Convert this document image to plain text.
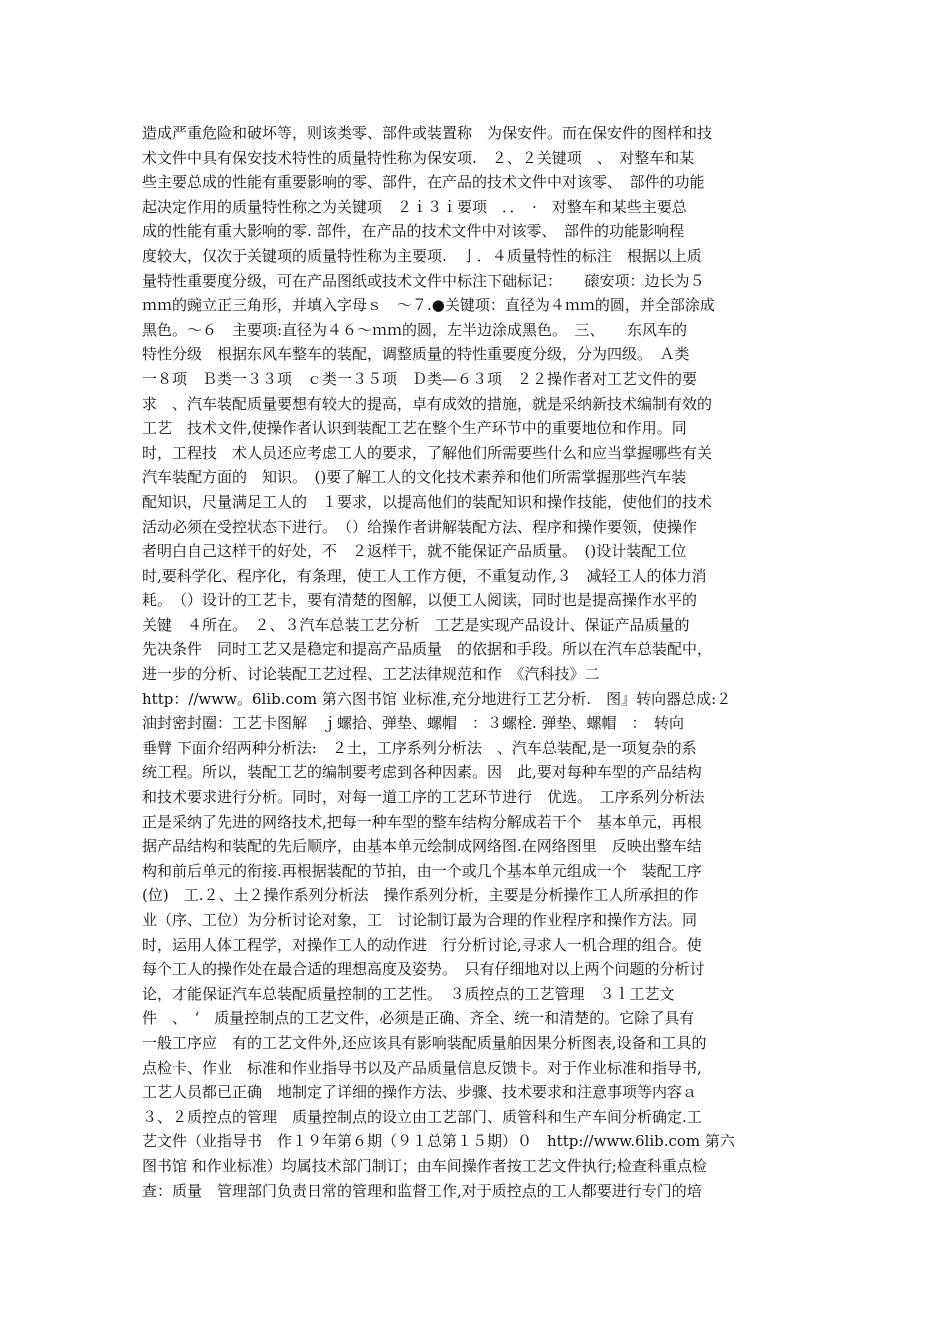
造成严重危险和破坏等，则该类零、部件或装置称　为保安件。而在保安件的图样和技
术文件中具有保安技术特性的质量特性称为保安项.　２、２关键项　、　对整车和某
些主要总成的性能有重要影响的零、部件，在产品的技术文件中对该零、　部件的功能
起决定作用的质量特性称之为关键项　２ｉ３ｉ要项　．．　·　对整车和某些主要总
成的性能有重大影响的零. 部件，在产品的技术文件中对该零、　部件的功能影响程
度较大，仅次于关键项的质量特性称为主要项.　亅．４质量特性的标注　根据以上质
量特性重要度分级，可在产品图纸或技术文件中标注下础标记：　　磙安项：边长为５
ｍｍ的豌立正三角形，并填入字母ｓ　～７.●关键项：直径为４ｍｍ的圆，并全部涂成
黑色。～６　主要项:直径为４６～ｍｍ的圆，左半边涂成黑色。　三、　　东风车的
特性分级　根据东风车整车的装配，调整质量的特性重要度分级，分为四级。　Ａ类
一８项　Ｂ类一３３项　ｃ类一３５项　Ｄ类—６３项　２２操作者对工艺文件的要
求　、汽车装配质量要想有较大的提高，卓有成效的措施，就是采纳新技术编制有效的
工艺　技术文件,使操作者认识到装配工艺在整个生产环节中的重要地位和作用。同
时，工程技　术人员还应考虑工人的要求，了解他们所需要些什么和应当掌握哪些有关
汽车装配方面的　知识。　()要了解工人的文化技术素养和他们所需掌握那些汽车装
配知识，尺量满足工人的　１要求，以提高他们的装配知识和操作技能，使他们的技术
活动必须在受控状态下进行。　（）给操作者讲解装配方法、程序和操作要领，使操作
者明白自己这样干的好处，不　２返样干，就不能保证产品质量。　()设计装配工位
时,要科学化、程序化，有条理，使工人工作方便，不重复动作,３　减轻工人的体力消
耗。　（）设计的工艺卡，要有清楚的图解，以便工人阅读，同时也是提高操作水平的
关键　４所在。　２、３汽车总装工艺分析　工艺是实现产品设计、保证产品质量的
先决条件　同时工艺又是稳定和提高产品质量　的依据和手段。所以在汽车总装配中，
进一步的分析、讨论装配工艺过程、工艺法律规范和作　《汽科技》二
http：//www。6lib.com 第六图书馆 业标准,充分地进行工艺分析.　图』转向器总成:２
油封密封圈：工艺卡图解　ｊ螺拾、弹垫、螺帽　：３螺栓. 弹垫、螺帽　：　转向
垂臂 下面介绍两种分析法:　２土，工序系列分析法　、汽车总装配,是一项复杂的系
统工程。所以，装配工艺的编制要考虑到各种因素。因　此,要对每种车型的产品结构
和技术要求进行分析。同时，对每一道工序的工艺环节进行　优选。　工序系列分析法
正是采纳了先进的网络技术,把每一种车型的整车结构分解成若干个　基本单元，再根
据产品结构和装配的先后顺序，由基本单元绘制成网络图.在网络图里　反映出整车结
构和前后单元的衔接.再根据装配的节拍，由一个或几个基本单元组成一个　装配工序
(位)　工.２、土２操作系列分析法　操作系列分析，主要是分析操作工人所承担的作
业（序、工位）为分析讨论对象，工　讨论制订最为合理的作业程序和操作方法。同
时，运用人体工程学，对操作工人的动作进　行分析讨论,寻求人一机合理的组合。使
每个工人的操作处在最合适的理想高度及姿势。　只有仔细地对以上两个问题的分析讨
论，才能保证汽车总装配质量控制的工艺性。　３质控点的工艺管理　３ｌ工艺文
件　、　‘　质量控制点的工艺文件，必须是正确、齐全、统一和清楚的。它除了具有
一般工序应　有的工艺文件外,还应该具有影响装配质量舶因果分析图表,设备和工具的
点检卡、作业　标准和作业指导书以及产品质量信息反馈卡。对于作业标准和指导书,
工艺人员都已正确　地制定了详细的操作方法、步骤、技术要求和注意事项等内容ａ
３、２质控点的管理　质量控制点的设立由工艺部门、质管科和生产车间分析确定.工
艺文件（业指导书　作１９年第６期（９１总第１５期）０　http://www.6lib.com 第六
图书馆 和作业标准）均属技术部门制订；由车间操作者按工艺文件执行;检查科重点检
查：质量　管理部门负责日常的管理和监督工作,对于质控点的工人都要进行专门的培
